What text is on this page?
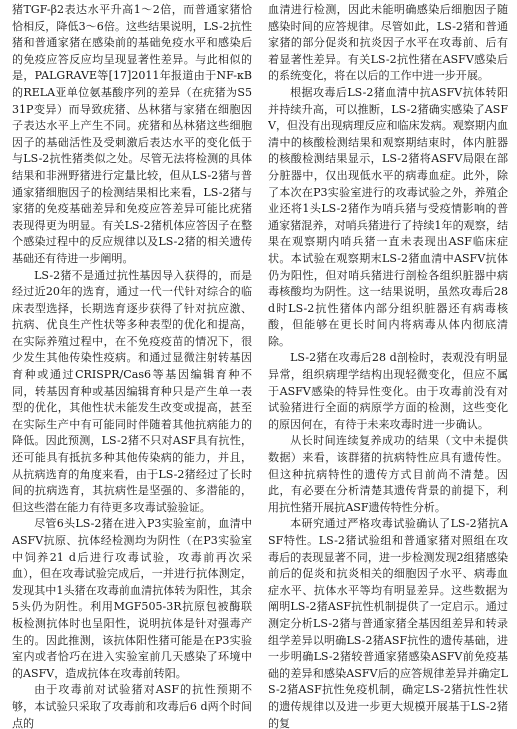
猪TGF-β2表达水平升高1～2倍，而普通家猪恰恰相反，降低3～6倍。这些结果说明，LS-2抗性猪和普通家猪在感染前的基础免疫水平和感染后的免疫应答反应均呈现显著性差异。与此相似的是，PALGRAVE等[17]2011年报道由于NF-κB的RELA亚单位氨基酸序列的差异（在疣猪为S531P变异）而导致疣猪、丛林猪与家猪在细胞因子表达水平上产生不同。疣猪和丛林猪这些细胞因子的基础活性及受刺激后表达水平的变化低于与LS-2抗性猪类似之处。尽管无法将检测的具体结果和非洲野猪进行定量比较，但从LS-2猪与普通家猪细胞因子的检测结果相比来看，LS-2猪与家猪的免疫基础差异和免疫应答差异可能比疣猪表现得更为明显。有关LS-2猪机体应答因子在整个感染过程中的反应规律以及LS-2猪的相关遗传基础还有待进一步阐明。

LS-2猪不是通过抗性基因导入获得的，而是经过近20年的选育，通过一代一代针对综合的临床表型选择，长期选育逐步获得了针对抗应激、抗病、优良生产性状等多种表型的优化和提高，在实际养殖过程中，在不免疫疫苗的情况下，很少发生其他传染性疫病。和通过显微注射转基因育种或通过CRISPR/Cas6等基因编辑育种不同，转基因育种或基因编辑育种只是产生单一表型的优化，其他性状未能发生改变或提高，甚至在实际生产中有可能同时伴随着其他抗病能力的降低。因此预测，LS-2猪不只对ASF具有抗性，还可能具有抵抗多种其他传染病的能力，并且，从抗病选育的角度来看，由于LS-2猪经过了长时间的抗病选育，其抗病性是坚强的、多潜能的，但这些潜在能力有待更多攻毒试验验证。

尽管6头LS-2猪在进入P3实验室前，血清中ASFV抗原、抗体经检测均为阴性（在P3实验室中饲养21 d后进行攻毒试验，攻毒前再次采血），但在攻毒试验完成后，一并进行抗体测定，发现其中1头猪在攻毒前血清抗体转为阳性，其余5头仍为阴性。利用MGF505-3R抗原包被酶联板检测抗体时也呈阳性，说明抗体是针对强毒产生的。因此推测，该抗体阳性猪可能是在P3实验室内或者恰巧在进入实验室前几天感染了环境中的ASFV，造成抗体在攻毒前转阳。

由于攻毒前对试验猪对ASF的抗性预期不够，本试验只采取了攻毒前和攻毒后6 d两个时间点的

血清进行检测，因此未能明确感染后细胞因子随感染时间的应答规律。尽管如此，LS-2猪和普通家猪的部分促炎和抗炎因子水平在攻毒前、后有着显著性差异。有关LS-2抗性猪在ASFV感染后的系统变化，将在以后的工作中进一步开展。

根据攻毒后LS-2猪血清中抗ASFV抗体转阳并持续升高，可以推断，LS-2猪确实感染了ASFV，但没有出现病理反应和临床发病。观察期内血清中的核酸检测结果和观察期结束时，体内脏器的核酸检测结果显示，LS-2猪将ASFV局限在部分脏器中，仅出现低水平的病毒血症。此外，除了本次在P3实验室进行的攻毒试验之外，养殖企业还将1头LS-2猪作为哨兵猪与受疫情影响的普通家猪混养，对哨兵猪进行了持续1年的观察，结果在观察期内哨兵猪一直未表现出ASF临床症状。本试验在观察期末LS-2猪血清中ASFV抗体仍为阳性，但对哨兵猪进行剖检各组织脏器中病毒核酸均为阴性。这一结果说明，虽然攻毒后28 d时LS-2抗性猪体内部分组织脏器还有病毒核酸，但能够在更长时间内将病毒从体内彻底清除。

LS-2猪在攻毒后28 d剖检时，表观没有明显异常，组织病理学结构出现轻微变化，但应不属于ASFV感染的特异性变化。由于攻毒前没有对试验猪进行全面的病原学方面的检测，这些变化的原因何在，有待于未来攻毒时进一步确认。

从长时间连续复养成功的结果（文中未提供数据）来看，该群猪的抗病特性应具有遗传性。但这种抗病特性的遗传方式目前尚不清楚。因此，有必要在分析清楚其遗传背景的前提下，利用抗性猪开展抗ASF遗传特性分析。

本研究通过严格攻毒试验确认了LS-2猪抗ASF特性。LS-2猪试验组和普通家猪对照组在攻毒后的表现显著不同，进一步检测发现2组猪感染前后的促炎和抗炎相关的细胞因子水平、病毒血症水平、抗体水平等均有明显差异。这些数据为阐明LS-2猪ASF抗性机制提供了一定启示。通过测定分析LS-2猪与普通家猪全基因组差异和转录组学差异以明确LS-2猪ASF抗性的遗传基础，进一步明确LS-2猪较普通家猪感染ASFV前免疫基础的差异和感染ASFV后的应答规律差异并确定LS-2猪ASF抗性免疫机制，确定LS-2猪抗性性状的遗传规律以及进一步更大规模开展基于LS-2猪的复
